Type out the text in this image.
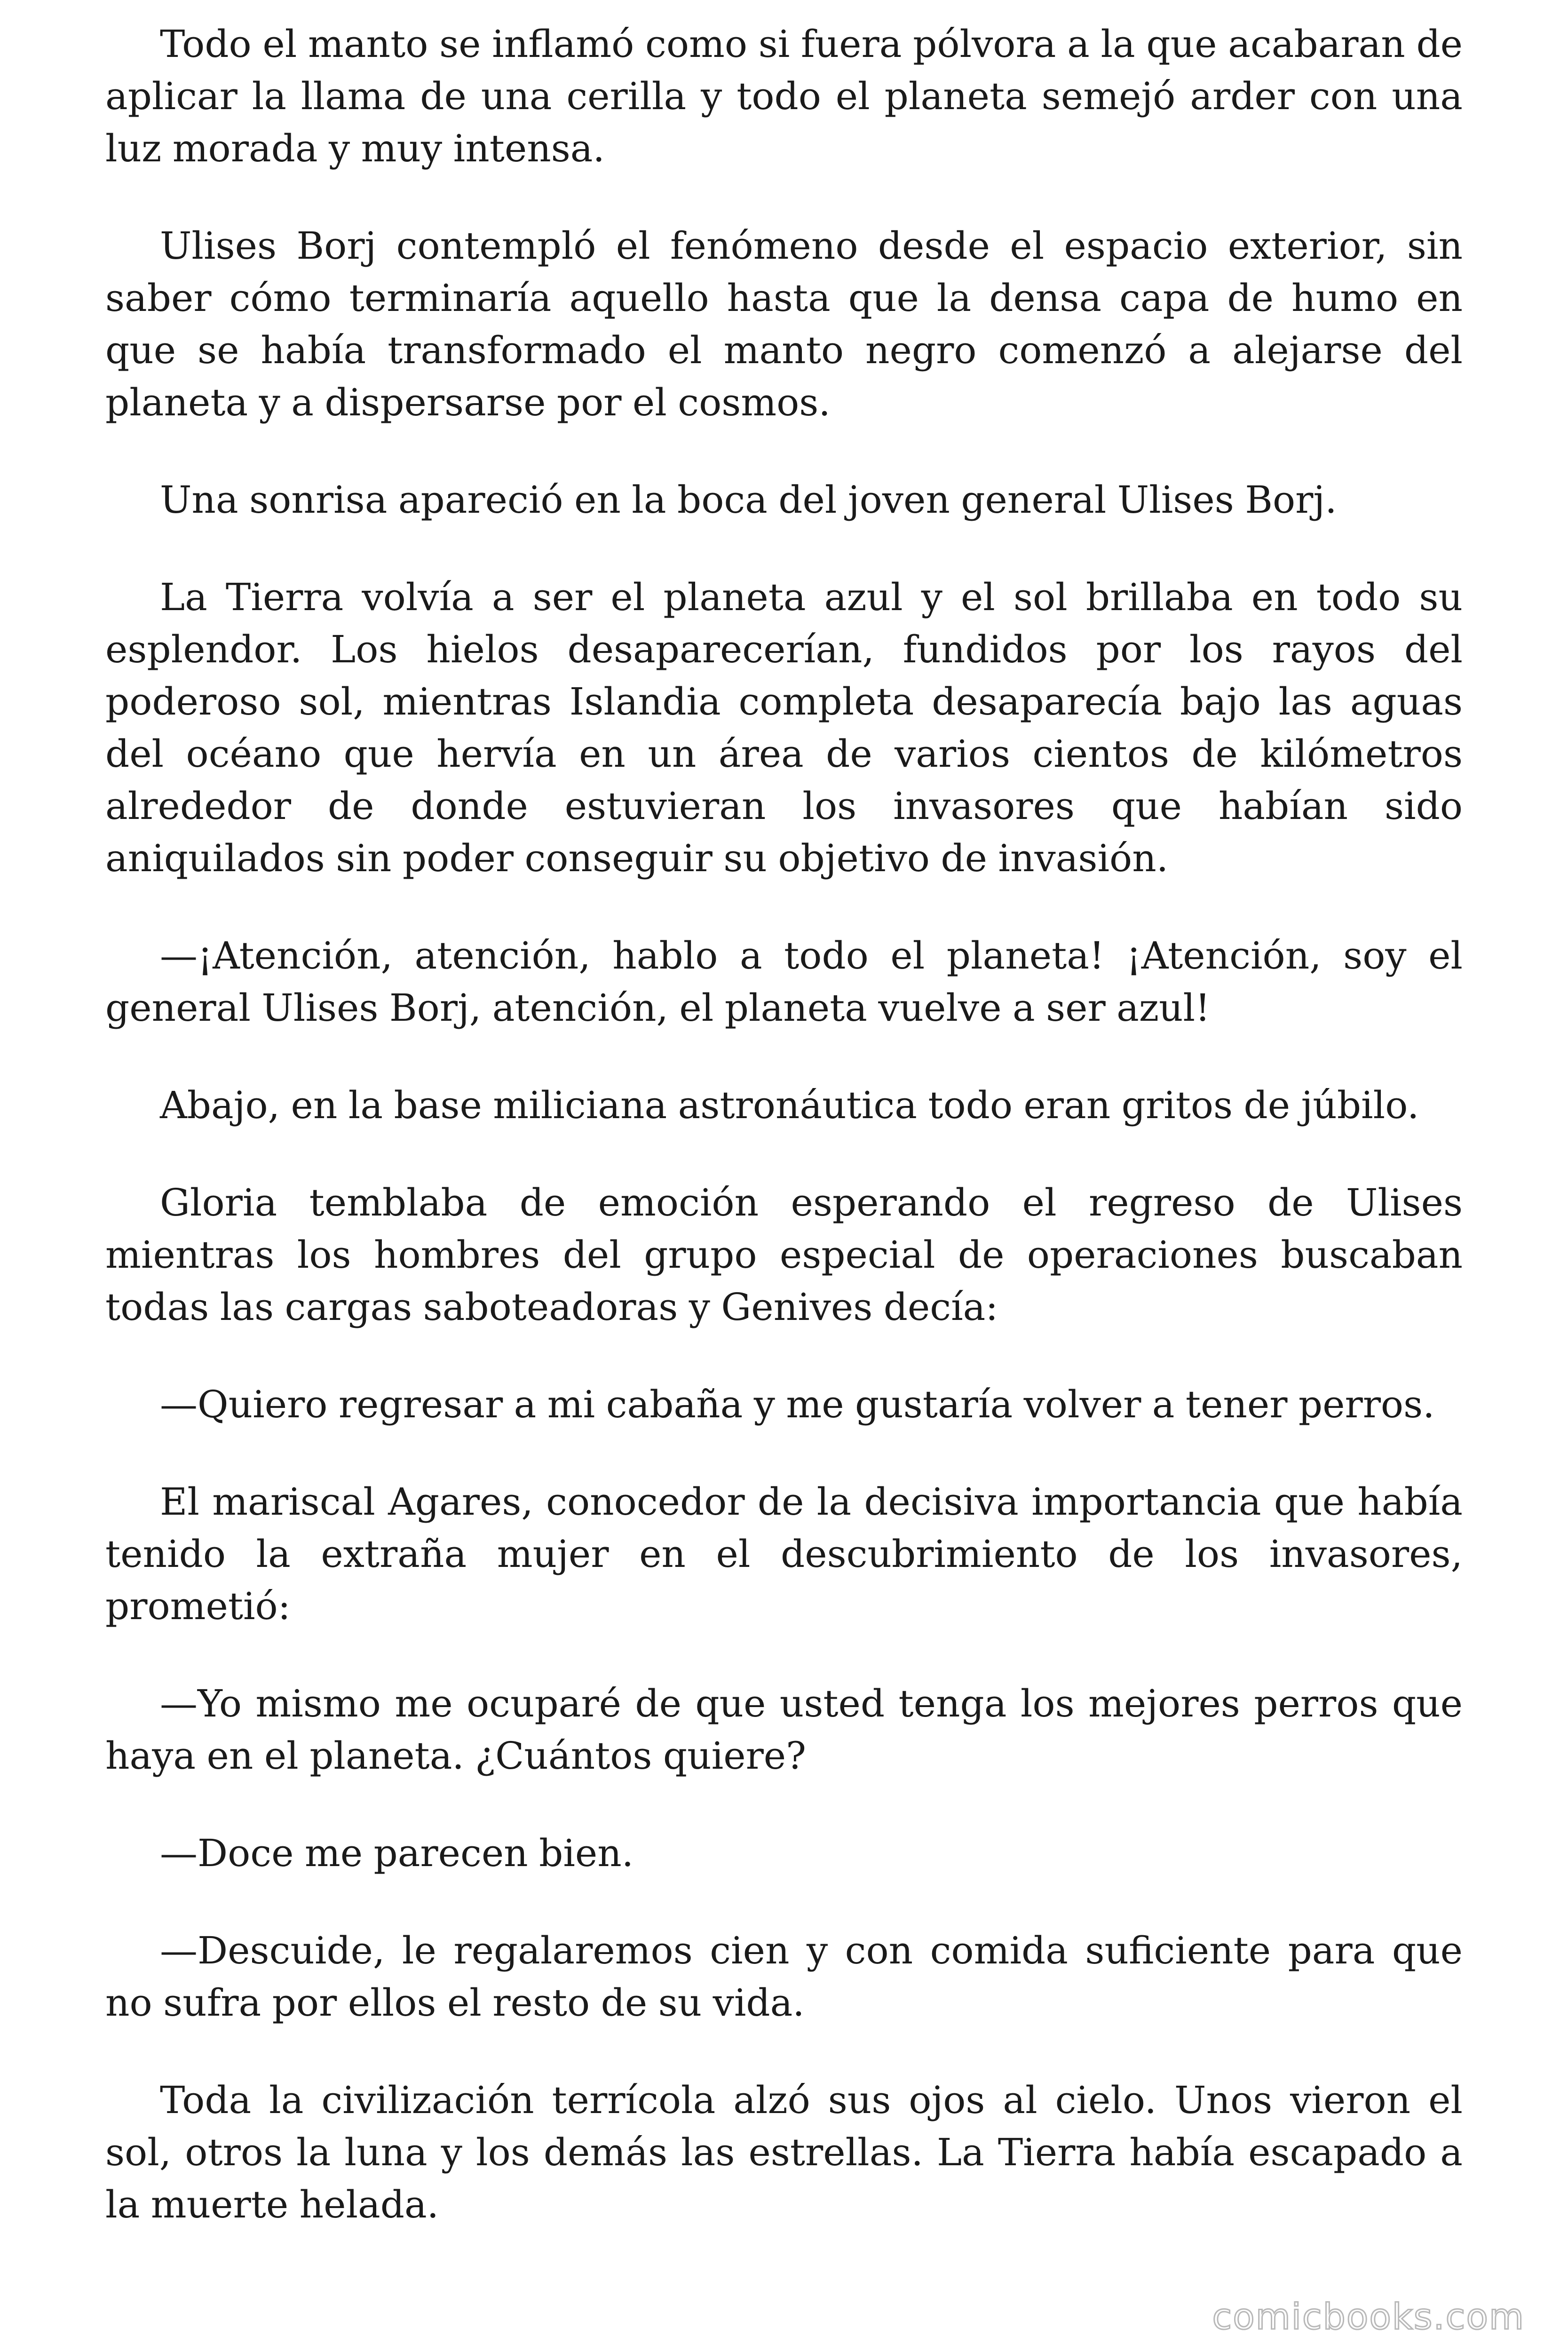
Todo el manto se inflamó como si fuera pólvora a la que acabaran de aplicar la llama de una cerilla y todo el planeta semejó arder con una luz morada y muy intensa.

Ulises Borj contempló el fenómeno desde el espacio exterior, sin saber cómo terminaría aquello hasta que la densa capa de humo en que se había transformado el manto negro comenzó a alejarse del planeta y a dispersarse por el cosmos.

Una sonrisa apareció en la boca del joven general Ulises Borj.

La Tierra volvía a ser el planeta azul y el sol brillaba en todo su esplendor. Los hielos desaparecerían, fundidos por los rayos del poderoso sol, mientras Islandia completa desaparecía bajo las aguas del océano que hervía en un área de varios cientos de kilómetros alrededor de donde estuvieran los invasores que habían sido aniquilados sin poder conseguir su objetivo de invasión.

—¡Atención, atención, hablo a todo el planeta! ¡Atención, soy el general Ulises Borj, atención, el planeta vuelve a ser azul!

Abajo, en la base miliciana astronáutica todo eran gritos de júbilo.

Gloria temblaba de emoción esperando el regreso de Ulises mientras los hombres del grupo especial de operaciones buscaban todas las cargas saboteadoras y Genives decía:

—Quiero regresar a mi cabaña y me gustaría volver a tener perros.

El mariscal Agares, conocedor de la decisiva importancia que había tenido la extraña mujer en el descubrimiento de los invasores, prometió:

—Yo mismo me ocuparé de que usted tenga los mejores perros que haya en el planeta. ¿Cuántos quiere?

—Doce me parecen bien.

—Descuide, le regalaremos cien y con comida suficiente para que no sufra por ellos el resto de su vida.

Toda la civilización terrícola alzó sus ojos al cielo. Unos vieron el sol, otros la luna y los demás las estrellas. La Tierra había escapado a la muerte helada.

comicbooks.com
